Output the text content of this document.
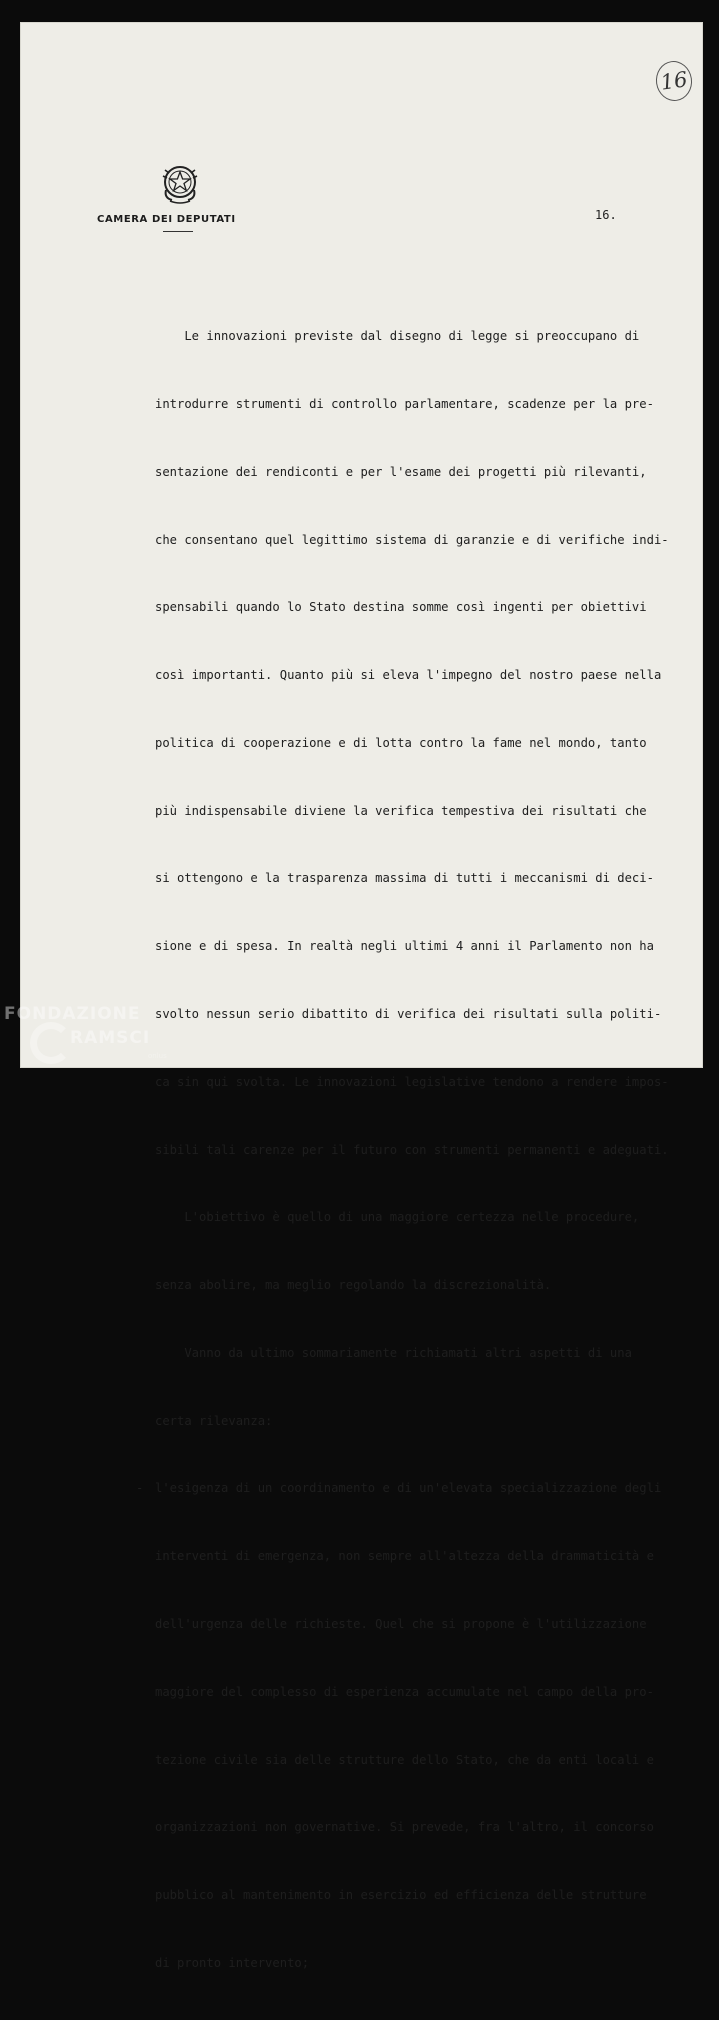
16
CAMERA DEI DEPUTATI	16.

Le innovazioni previste dal disegno di legge si preoccupano di

introdurre strumenti di controllo parlamentare, scadenze per la pre-

sentazione dei rendiconti e per l'esame dei progetti più rilevanti,

che consentano quel legittimo sistema di garanzie e di verifiche indi-

spensabili quando lo Stato destina somme così ingenti per obiettivi

così importanti. Quanto più si eleva l'impegno del nostro paese nella

politica di cooperazione e di lotta contro la fame nel mondo, tanto

più indispensabile diviene la verifica tempestiva dei risultati che

si ottengono e la trasparenza massima di tutti i meccanismi di deci-

sione e di spesa. In realtà negli ultimi 4 anni il Parlamento non ha

svolto nessun serio dibattito di verifica dei risultati sulla politi-

ca sin qui svolta. Le innovazioni legislative tendono a rendere impos-

sibili tali carenze per il futuro con strumenti permanenti e adeguati.

L'obiettivo è quello di una maggiore certezza nelle procedure,

senza abolire, ma meglio regolando la discrezionalità.

Vanno da ultimo sommariamente richiamati altri aspetti di una

certa rilevanza:

- l'esigenza di un coordinamento e di un'elevata specializzazione degli

interventi di emergenza, non sempre all'altezza della drammaticità e

dell'urgenza delle richieste. Quel che si propone è l'utilizzazione

maggiore del complesso di esperienza accumulate nel campo della pro-

tezione civile sia delle strutture dello Stato, che da enti locali e

organizzazioni non governative. Si prevede, fra l'altro, il concorso

pubblico al mantenimento in esercizio ed efficienza delle strutture

di pronto intervento;

FONDAZIONE
RAMSCI
onlus
